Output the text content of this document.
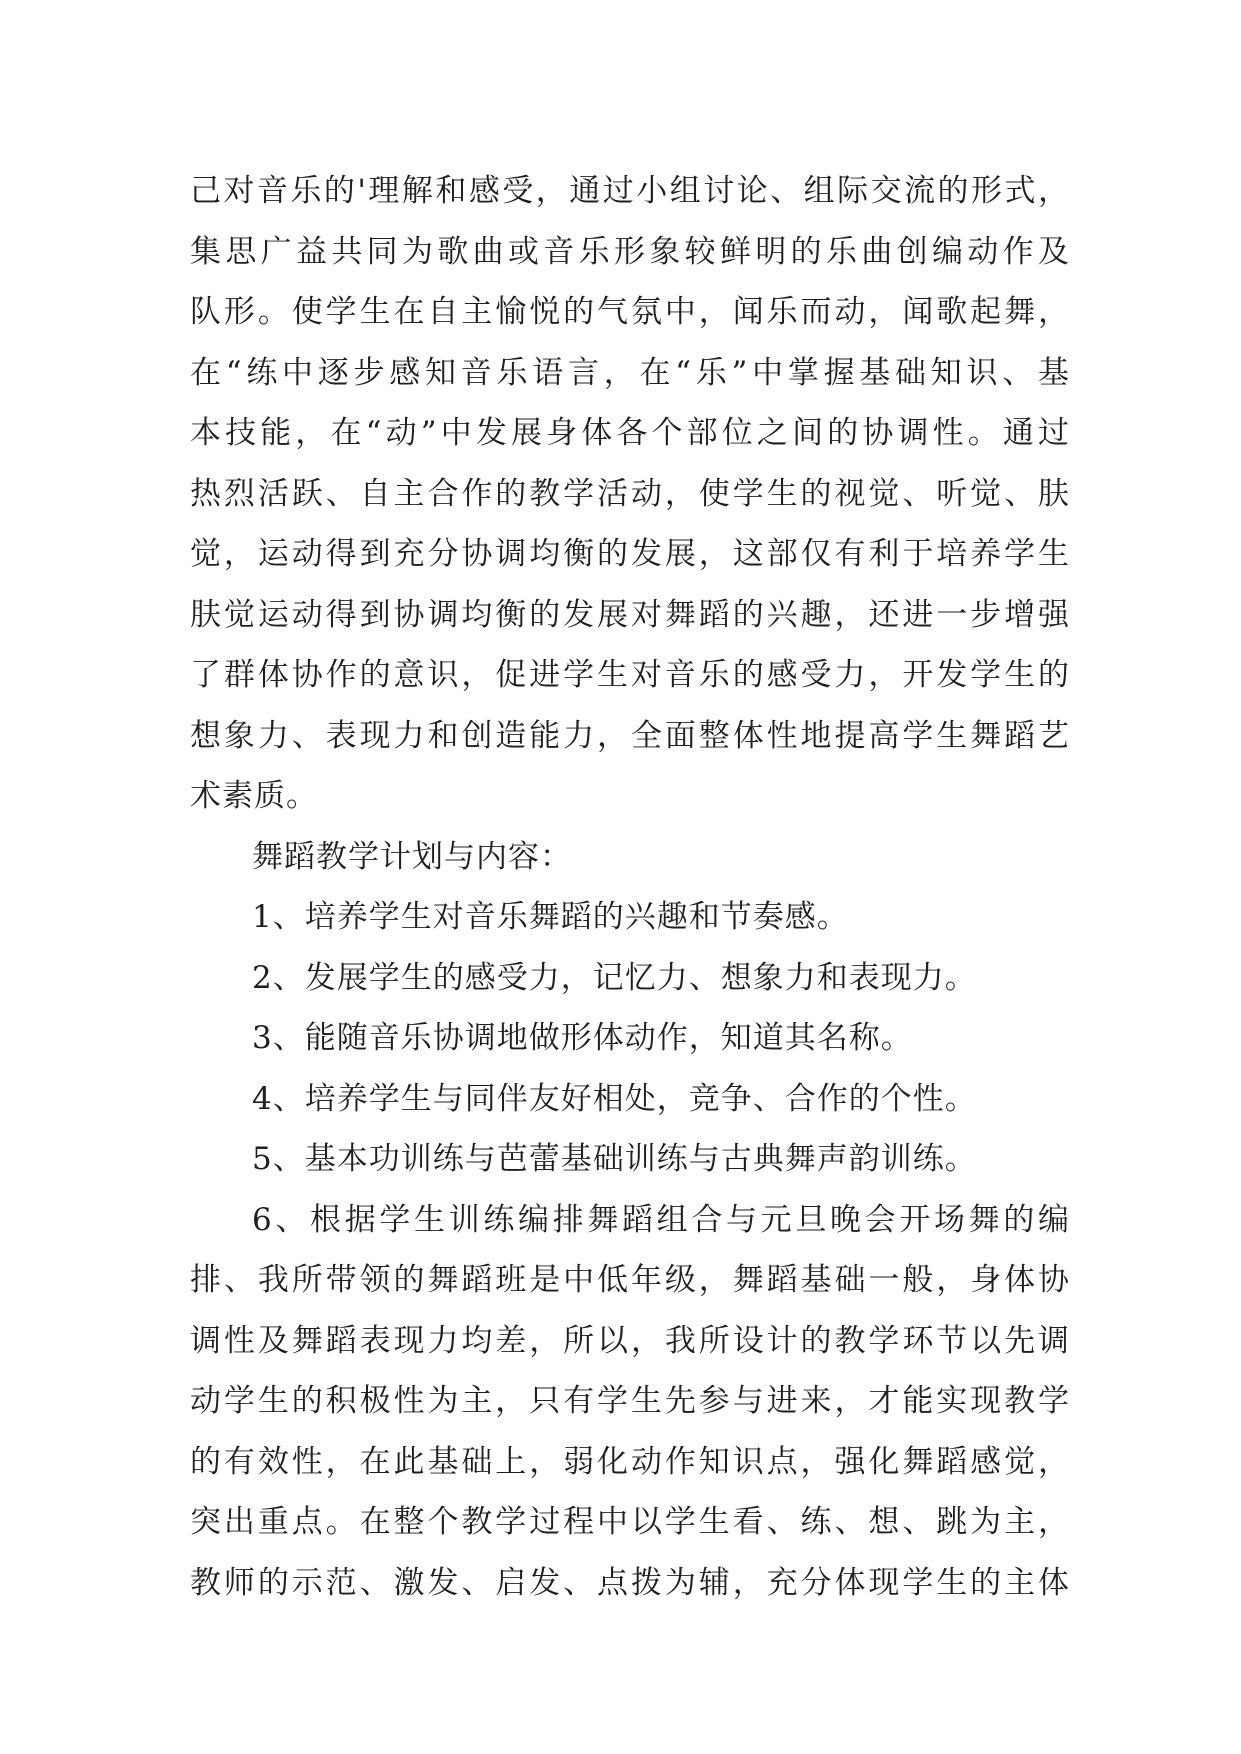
己对音乐的'理解和感受，通过小组讨论、组际交流的形式，
集思广益共同为歌曲或音乐形象较鲜明的乐曲创编动作及
队形。使学生在自主愉悦的气氛中，闻乐而动，闻歌起舞，
在“练中逐步感知音乐语言，在“乐”中掌握基础知识、基
本技能，在“动”中发展身体各个部位之间的协调性。通过
热烈活跃、自主合作的教学活动，使学生的视觉、听觉、肤
觉，运动得到充分协调均衡的发展，这部仅有利于培养学生
肤觉运动得到协调均衡的发展对舞蹈的兴趣，还进一步增强
了群体协作的意识，促进学生对音乐的感受力，开发学生的
想象力、表现力和创造能力，全面整体性地提高学生舞蹈艺
术素质。
舞蹈教学计划与内容：
1、培养学生对音乐舞蹈的兴趣和节奏感。
2、发展学生的感受力，记忆力、想象力和表现力。
3、能随音乐协调地做形体动作，知道其名称。
4、培养学生与同伴友好相处，竞争、合作的个性。
5、基本功训练与芭蕾基础训练与古典舞声韵训练。
6、根据学生训练编排舞蹈组合与元旦晚会开场舞的编
排、我所带领的舞蹈班是中低年级，舞蹈基础一般，身体协
调性及舞蹈表现力均差，所以，我所设计的教学环节以先调
动学生的积极性为主，只有学生先参与进来，才能实现教学
的有效性，在此基础上，弱化动作知识点，强化舞蹈感觉，
突出重点。在整个教学过程中以学生看、练、想、跳为主，
教师的示范、激发、启发、点拨为辅，充分体现学生的主体
